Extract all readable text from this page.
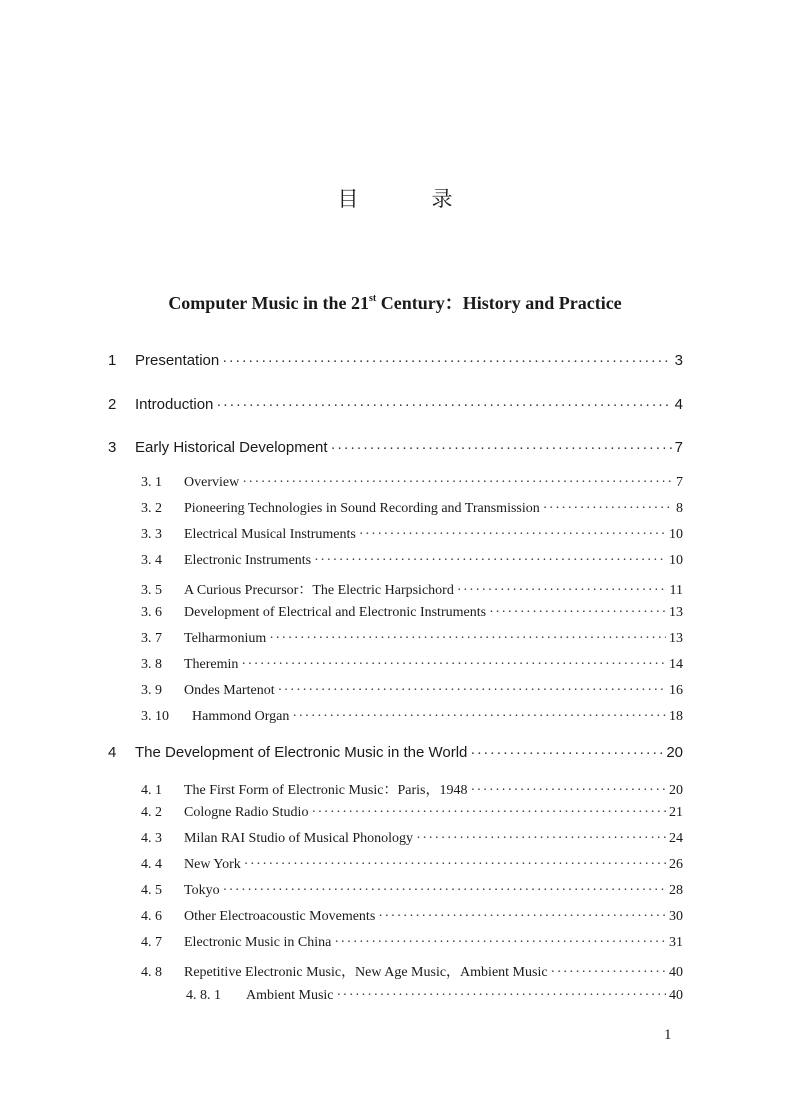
目　录
Computer Music in the 21st Century：History and Practice
1	Presentation ·····	3
2	Introduction ·····	4
3	Early Historical Development ·····	7
3. 1	Overview ·····	7
3. 2	Pioneering Technologies in Sound Recording and Transmission ·····	8
3. 3	Electrical Musical Instruments ·····	10
3. 4	Electronic Instruments ·····	10
3. 5	A Curious Precursor：The Electric Harpsichord ·····	11
3. 6	Development of Electrical and Electronic Instruments ·····	13
3. 7	Telharmonium ·····	13
3. 8	Theremin ·····	14
3. 9	Ondes Martenot ·····	16
3. 10	Hammond Organ ·····	18
4	The Development of Electronic Music in the World ·····	20
4. 1	The First Form of Electronic Music：Paris，1948 ·····	20
4. 2	Cologne Radio Studio ·····	21
4. 3	Milan RAI Studio of Musical Phonology ·····	24
4. 4	New York ·····	26
4. 5	Tokyo ·····	28
4. 6	Other Electroacoustic Movements ·····	30
4. 7	Electronic Music in China ·····	31
4. 8	Repetitive Electronic Music，New Age Music，Ambient Music ·····	40
4. 8. 1	Ambient Music ·····	40
1
